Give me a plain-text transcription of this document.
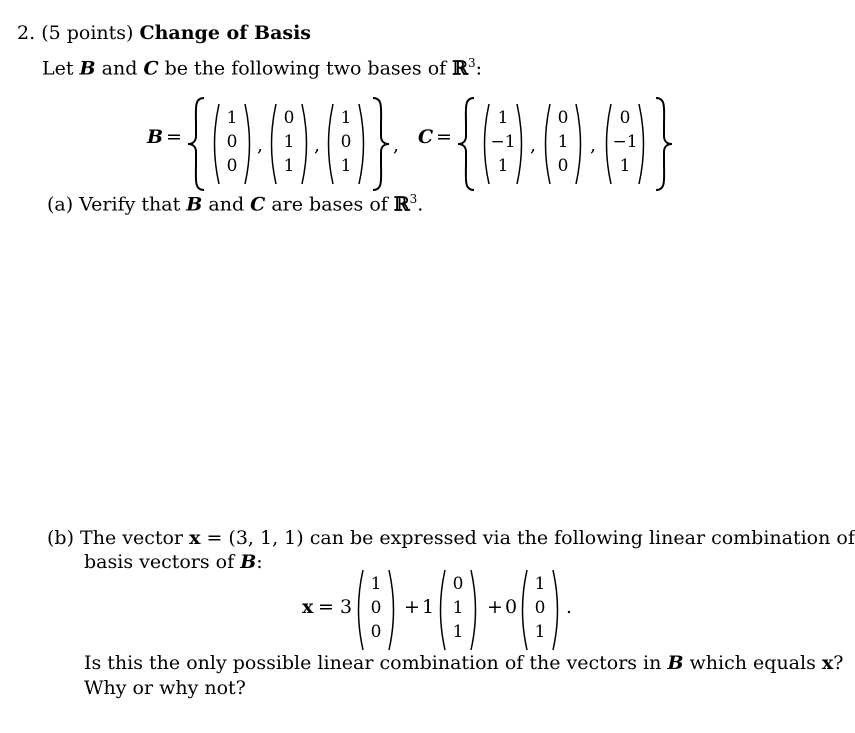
2. (5 points) Change of Basis
Let B and C be the following two bases of ℝ$^3$:
B =
1
0
0
,
0
1
1
,
1
0
1
, C =
1
−1
1
,
0
1
0
,
0
−1
1
(a) Verify that B and C are bases of ℝ$^3$.
(b) The vector x = (3, 1, 1) can be expressed via the following linear combination of
basis vectors of B:
x = 3
1
0
0
+ 1
0
1
1
+ 0
1
0
1
.
Is this the only possible linear combination of the vectors in B which equals x?
Why or why not?
